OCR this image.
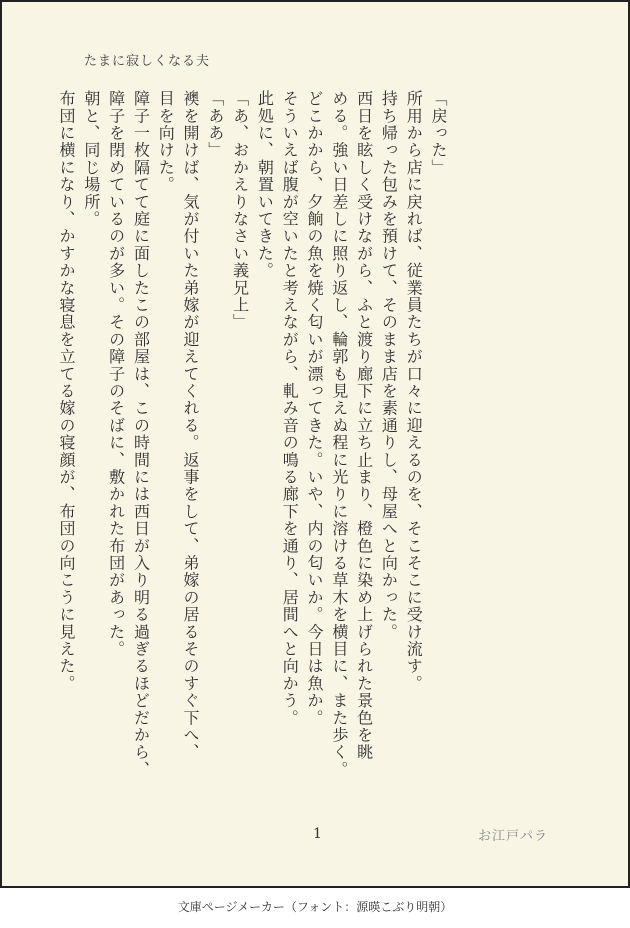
たまに寂しくなる夫
「戻った」
所用から店に戻れば、従業員たちが口々に迎えるのを、そこそこに受け流す。
持ち帰った包みを預けて、そのまま店を素通りし、母屋へと向かった。
西日を眩しく受けながら、ふと渡り廊下に立ち止まり、橙色に染め上げられた景色を眺
める。強い日差しに照り返し、輪郭も見えぬ程に光りに溶ける草木を横目に、また歩く。
どこかから、夕餉の魚を焼く匂いが漂ってきた。いや、内の匂いか。今日は魚か。
そういえば腹が空いたと考えながら、軋み音の鳴る廊下を通り、居間へと向かう。
此処に、朝置いてきた。
「あ、おかえりなさい義兄上」
「ああ」
襖を開けば、気が付いた弟嫁が迎えてくれる。返事をして、弟嫁の居るそのすぐ下へ、
目を向けた。
障子一枚隔てて庭に面したこの部屋は、この時間には西日が入り明る過ぎるほどだから、
障子を閉めているのが多い。その障子のそばに、敷かれた布団があった。
朝と、同じ場所。
布団に横になり、かすかな寝息を立てる嫁の寝顔が、布団の向こうに見えた。
1	お江戸パラ
文庫ページメーカー（フォント：源暎こぶり明朝）
